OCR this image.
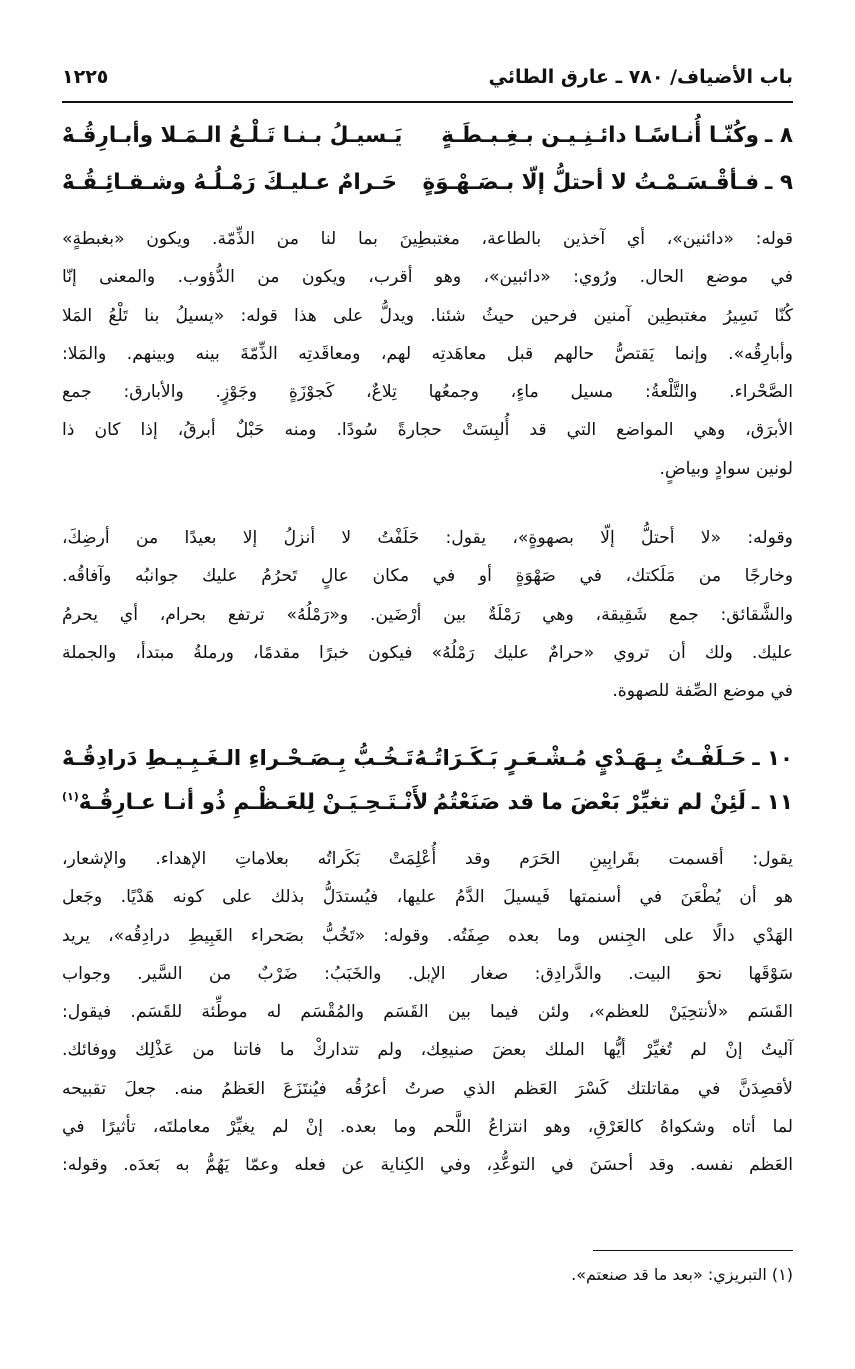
باب الأضياف/ ٧٨٠ ـ عارق الطائي
١٢٢٥
٨ ـ
وكُنّـا أُنـاسًـا دائـنِـيـن بـغِـبـطَـةٍ
يَـسيـلُ بـنـا تَـلْـعُ الـمَـلا وأبـارِقُـهْ
٩ ـ
فـأقْـسَـمْـتُ لا أحتلُّ إلّا بـصَـهْـوَةٍ
حَـرامٌ عـليـكَ رَمْـلُـهُ وشـقـائِـقُـهْ
قوله: «دائنين»، أي آخذين بالطاعة، مغتبطِينَ بما لنا من الذِّمّة. ويكون «بغبطةٍ»
في موضع الحال. ورُوي: «دائبين»، وهو أقرب، ويكون من الدُّؤوب. والمعنى إنّا
كُنّا نَسِيرُ مغتبطِين آمنين فرحين حيثُ شئنا. ويدلُّ على هذا قوله: «يسيلُ بنا تَلْعُ المَلا
وأبارِقُه». وإنما يَقتصُّ حالهم قبل معاهَدتِه لهم، ومعاقَدتِه الذِّمّةَ بينه وبينهم. والمَلا:
الصَّحْراء. والتَّلْعةُ: مسيل ماءٍ، وجمعُها تِلاعٌ، كَجوْزَةٍ وجَوْزٍ. والأبارق: جمع
الأبرَق، وهي المواضع التي قد أُلبِسَتْ حجارةً سُودًا. ومنه حَبْلٌ أبرقُ، إذا كان ذا
لونين سوادٍ وبياضٍ.
وقوله: «لا أحتلُّ إلّا بصهوةٍ»، يقول: حَلَفْتُ لا أنزلُ إلا بعيدًا من أرضِكَ،
وخارجًا من مَلَكتك، في صَهْوَةٍ أو في مكان عالٍ تَحرُمُ عليك جوانبُه وآفاقُه.
والشَّقائق: جمع شَقِيقة، وهي رَمْلَةٌ بين أرْضَين. و«رَمْلُهُ» ترتفع بحرام، أي يحرمُ
عليك. ولك أن تروي «حرامٌ عليك رَمْلُهُ» فيكون خبرًا مقدمًا، ورملةُ مبتدأ، والجملة
في موضع الصِّفة للصهوة.
١٠ ـ
حَـلَفْـتُ بِـهَـدْيٍ مُـشْـعَـرٍ بَـكَـرَاتُـهُ
تَـخُـبُّ بِـصَـحْـراءِ الـغَـبِـيـطِ دَرادِقُـهْ
١١ ـ
لَئِنْ لم تغيِّرْ بَعْضَ ما قد صَنَعْتُمُ
لأَنْـتَـحِـيَـنْ لِلعَـظْـمِ ذُو أنـا عـارِقُـهْ
(١)
يقول: أقسمت بقَرابِينِ الحَرَم وقد أُعْلِمَتْ بَكَراتُه بعلاماتِ الإهداء. والإشعار،
هو أن يُطْعَنَ في أسنمتها فَيسيلَ الدَّمُ عليها، فيُستدَلُّ بذلك على كونه هَدْيًا. وجَعل
الهَدْي دالًا على الجِنس وما بعده صِفَتُه. وقوله: «تَخُبُّ بصَحراء الغَبِيطِ درادِقُه»، يريد
سَوْقَها نحوَ البيت. والدَّرادِق: صغار الإبل. والخَبَبُ: ضَرْبٌ من السَّير. وجواب
القَسَم «لأنتحِيَنْ للعظم»، ولئن فيما بين القَسَم والمُقْسَم له موطِّئة للقَسَم. فيقول:
آليتُ إنْ لم تُغيِّرْ أيُّها الملك بعضَ صنيعِك، ولم تتداركْ ما فاتنا من عَذْلِك ووفائك.
لأقصِدَنَّ في مقاتلتك كَسْرَ العَظم الذي صرتُ أعرُقُه فيُنتَزَعَ العَظمُ منه. جعلَ تقبيحه
لما أتاه وشكواهُ كالعَرْقِ، وهو انتزاعُ اللَّحم وما بعده. إنْ لم يغيِّرْ معاملتَه، تأثيرًا في
العَظم نفسه. وقد أحسَنَ في التوعُّدِ، وفي الكِناية عن فعله وعمّا يَهُمُّ به بَعدَه. وقوله:
(١) التبريزي: «بعد ما قد صنعتم».
